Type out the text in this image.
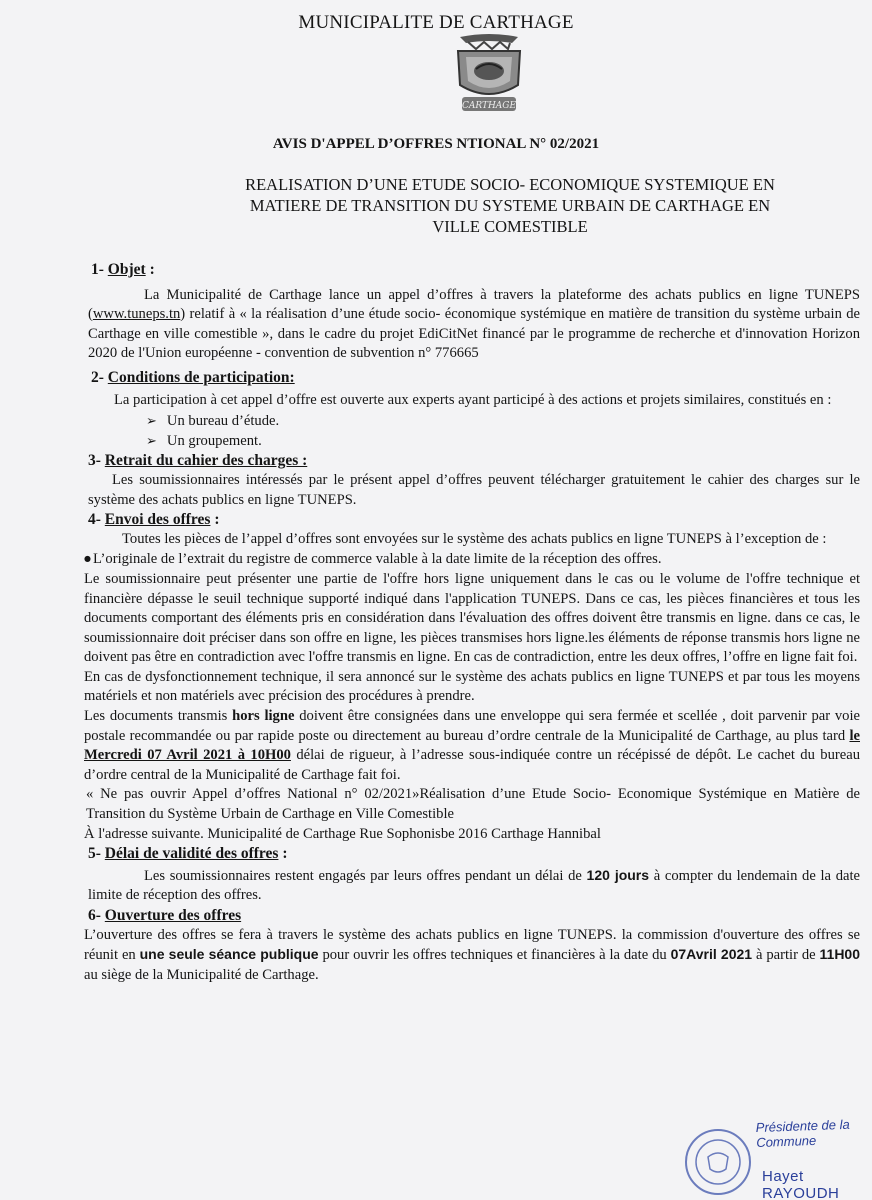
MUNICIPALITE DE CARTHAGE
CARTHAGE
AVIS D'APPEL D’OFFRES NTIONAL N° 02/2021
REALISATION D’UNE ETUDE SOCIO- ECONOMIQUE SYSTEMIQUE EN
MATIERE DE TRANSITION DU SYSTEME URBAIN DE CARTHAGE EN
VILLE COMESTIBLE
1- Objet :
La Municipalité de Carthage lance un appel d’offres à travers la plateforme des achats publics en ligne TUNEPS (www.tuneps.tn) relatif à « la réalisation d’une étude socio- économique systémique en matière de transition du système urbain de Carthage en ville comestible », dans le cadre du projet EdiCitNet financé par le programme de recherche et d'innovation Horizon 2020 de l'Union européenne - convention de subvention n° 776665
2- Conditions de participation:
La participation à cet appel d’offre est ouverte aux experts ayant participé à des actions et projets similaires, constitués en :
➢ Un bureau d’étude.
➢ Un groupement.
3- Retrait du cahier des charges :
Les soumissionnaires intéressés par le présent appel d’offres peuvent télécharger gratuitement le cahier des charges sur le système des achats publics en ligne TUNEPS.
4- Envoi des offres :
Toutes les pièces de l’appel d’offres sont envoyées sur le système des achats publics en ligne TUNEPS à l’exception de :
● L’originale de l’extrait du registre de commerce valable à la date limite de la réception des offres.
Le soumissionnaire peut présenter une partie de l'offre hors ligne uniquement dans le cas ou le volume de l'offre technique et financière dépasse le seuil technique supporté indiqué dans l'application TUNEPS. Dans ce cas, les pièces financières et tous les documents comportant des éléments pris en considération dans l'évaluation des offres doivent être transmis en ligne. dans ce cas, le soumissionnaire doit préciser dans son offre en ligne, les pièces transmises hors ligne.les éléments de réponse transmis hors ligne ne doivent pas être en contradiction avec l'offre transmis en ligne. En cas de contradiction, entre les deux offres, l’offre en ligne fait foi.
En cas de dysfonctionnement technique, il sera annoncé sur le système des achats publics en ligne TUNEPS et par tous les moyens matériels et non matériels avec précision des procédures à prendre.
Les documents transmis hors ligne doivent être consignées dans une enveloppe qui sera fermée et scellée , doit parvenir par voie postale recommandée ou par rapide poste ou directement au bureau d’ordre centrale de la Municipalité de Carthage, au plus tard le Mercredi 07 Avril 2021 à 10H00 délai de rigueur, à l’adresse sous-indiquée contre un récépissé de dépôt. Le cachet du bureau d’ordre central de la Municipalité de Carthage fait foi.
« Ne pas ouvrir Appel d’offres National n° 02/2021»Réalisation d’une Etude Socio- Economique Systémique en Matière de Transition du Système Urbain de Carthage en Ville Comestible
À l'adresse suivante. Municipalité de Carthage Rue Sophonisbe 2016 Carthage Hannibal
5- Délai de validité des offres :
Les soumissionnaires restent engagés par leurs offres pendant un délai de 120 jours à compter du lendemain de la date limite de réception des offres.
6- Ouverture des offres
L’ouverture des offres se fera à travers le système des achats publics en ligne TUNEPS. la commission d'ouverture des offres se réunit en une seule séance publique pour ouvrir les offres techniques et financières à la date du 07Avril 2021 à partir de 11H00 au siège de la Municipalité de Carthage.
Présidente de la Commune
Hayet RAYOUDH
